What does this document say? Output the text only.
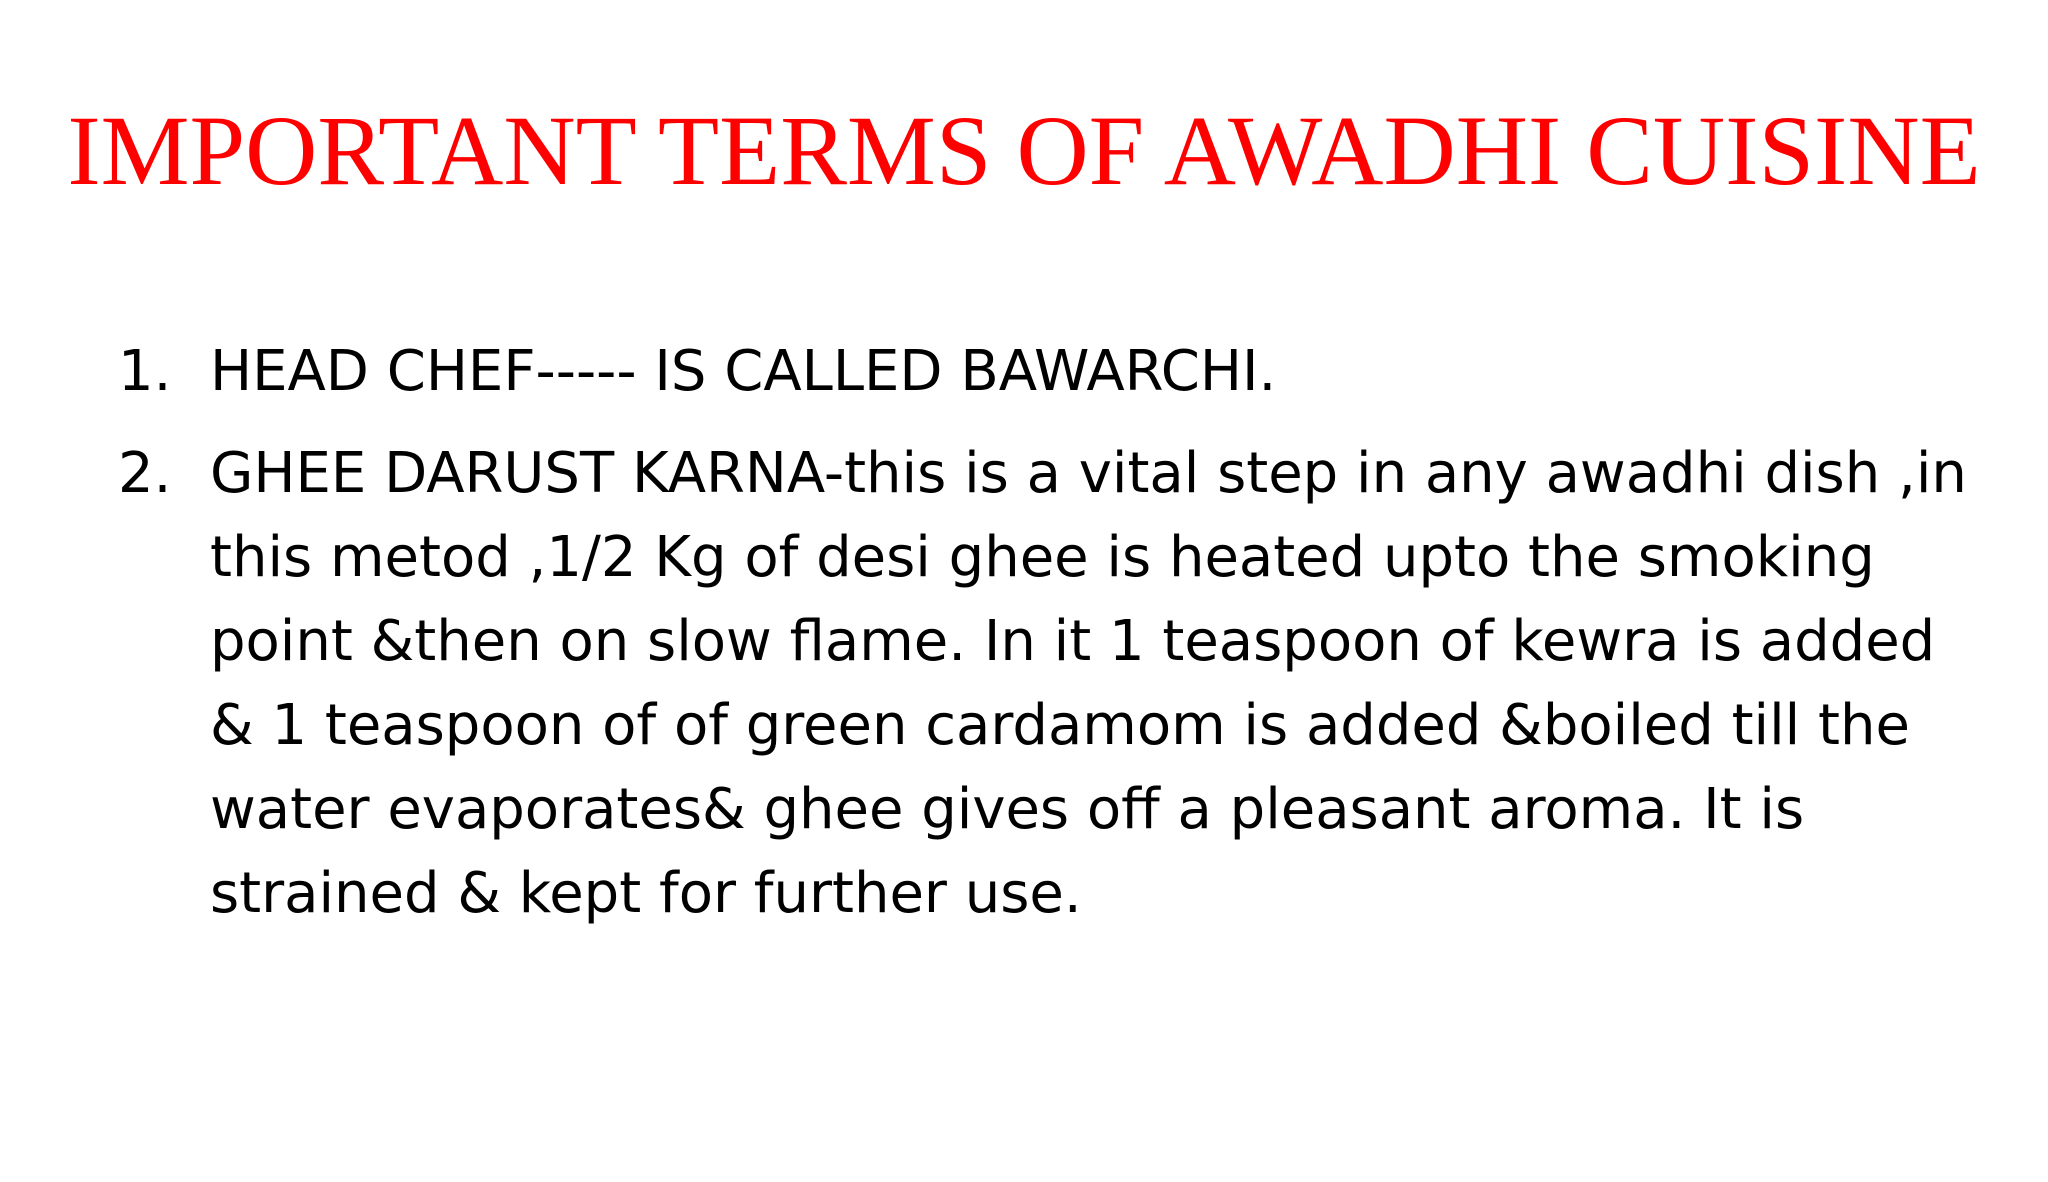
IMPORTANT TERMS OF AWADHI CUISINE
1. HEAD CHEF----- IS CALLED BAWARCHI.
2. GHEE DARUST KARNA-this is a vital step in any awadhi dish ,in
this metod ,1/2 Kg of desi ghee is heated upto the smoking
point &then on slow flame. In it 1 teaspoon of kewra is added
& 1 teaspoon of of green cardamom is added &boiled till the
water evaporates& ghee gives off a pleasant aroma. It is
strained & kept for further use.
